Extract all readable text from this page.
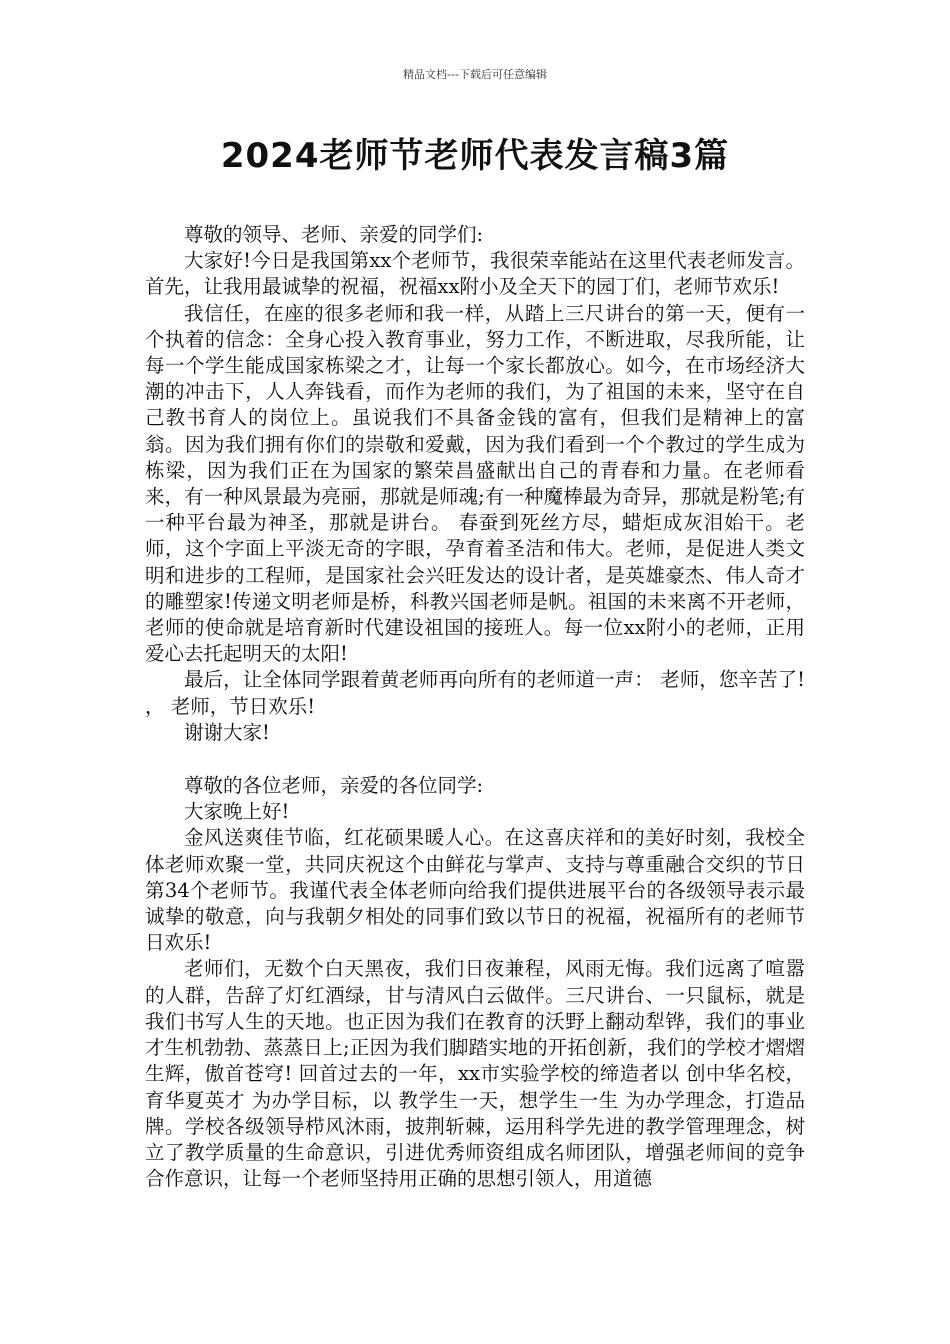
精品文档---下载后可任意编辑
2024老师节老师代表发言稿3篇

尊敬的领导、老师、亲爱的同学们:

大家好!今日是我国第xx个老师节，我很荣幸能站在这里代表老师发言。首先，让我用最诚挚的祝福，祝福xx附小及全天下的园丁们，老师节欢乐!

我信任，在座的很多老师和我一样，从踏上三尺讲台的第一天，便有一个执着的信念：全身心投入教育事业，努力工作，不断进取，尽我所能，让每一个学生能成国家栋梁之才，让每一个家长都放心。如今，在市场经济大潮的冲击下，人人奔钱看，而作为老师的我们，为了祖国的未来，坚守在自己教书育人的岗位上。虽说我们不具备金钱的富有，但我们是精神上的富翁。因为我们拥有你们的崇敬和爱戴，因为我们看到一个个教过的学生成为栋梁，因为我们正在为国家的繁荣昌盛献出自己的青春和力量。在老师看来，有一种风景最为亮丽，那就是师魂;有一种魔棒最为奇异，那就是粉笔;有一种平台最为神圣，那就是讲台。 春蚕到死丝方尽，蜡炬成灰泪始干。老师，这个字面上平淡无奇的字眼，孕育着圣洁和伟大。老师，是促进人类文明和进步的工程师，是国家社会兴旺发达的设计者，是英雄豪杰、伟人奇才的雕塑家!传递文明老师是桥，科教兴国老师是帆。祖国的未来离不开老师，老师的使命就是培育新时代建设祖国的接班人。每一位xx附小的老师，正用爱心去托起明天的太阳!

最后，让全体同学跟着黄老师再向所有的老师道一声： 老师，您辛苦了! ， 老师，节日欢乐!

谢谢大家!

尊敬的各位老师，亲爱的各位同学:

大家晚上好!

金风送爽佳节临，红花硕果暖人心。在这喜庆祥和的美好时刻，我校全体老师欢聚一堂，共同庆祝这个由鲜花与掌声、支持与尊重融合交织的节日 第34个老师节。我谨代表全体老师向给我们提供进展平台的各级领导表示最诚挚的敬意，向与我朝夕相处的同事们致以节日的祝福，祝福所有的老师节日欢乐!

老师们，无数个白天黑夜，我们日夜兼程，风雨无悔。我们远离了喧嚣的人群，告辞了灯红酒绿，甘与清风白云做伴。三尺讲台、一只鼠标，就是我们书写人生的天地。也正因为我们在教育的沃野上翻动犁铧，我们的事业才生机勃勃、蒸蒸日上;正因为我们脚踏实地的开拓创新，我们的学校才熠熠生辉，傲首苍穹! 回首过去的一年，xx市实验学校的缔造者以 创中华名校，育华夏英才 为办学目标，以 教学生一天，想学生一生 为办学理念，打造品牌。学校各级领导栉风沐雨，披荆斩棘，运用科学先进的教学管理理念，树立了教学质量的生命意识，引进优秀师资组成名师团队，增强老师间的竞争合作意识，让每一个老师坚持用正确的思想引领人，用道德
